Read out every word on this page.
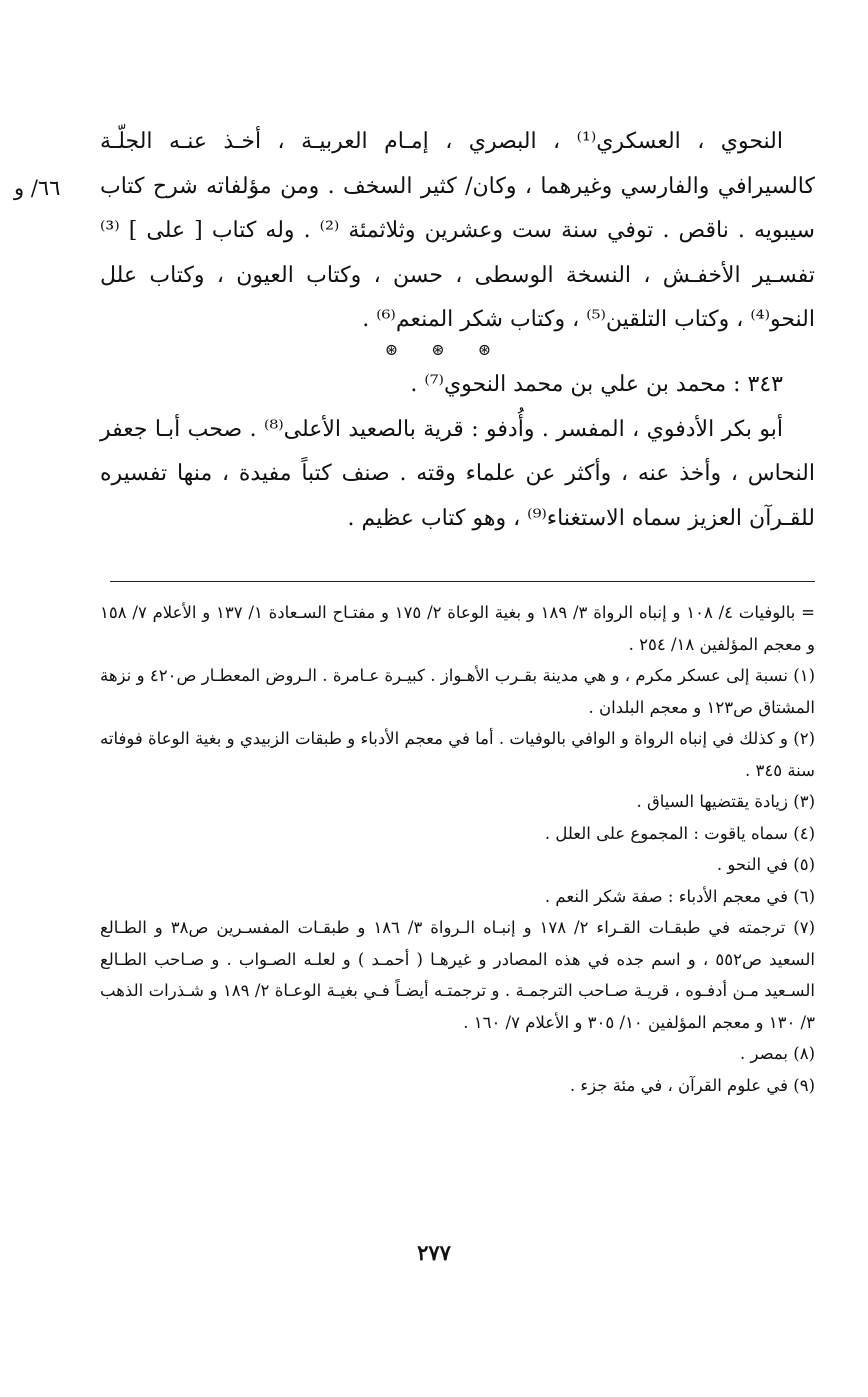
٦٦/ و

النحوي ، العسكري⁽¹⁾ ، البصري ، إمـام العربيـة ، أخـذ عنـه الجلّـة كالسيرافي والفارسي وغيرهما ، وكان/ كثير السخف . ومن مؤلفاته شرح كتاب سيبويه . ناقص . توفي سنة ست وعشرين وثلاثمئة ⁽²⁾ . وله كتاب [ على ] ⁽³⁾ تفسـير الأخفـش ، النسخة الوسطى ، حسن ، وكتاب العيون ، وكتاب علل النحو⁽⁴⁾ ، وكتاب التلقين⁽⁵⁾ ، وكتاب شكر المنعم⁽⁶⁾ .

⊛ ⊛ ⊛

٣٤٣ : محمد بن علي بن محمد النحوي⁽⁷⁾ .

أبو بكر الأدفوي ، المفسر . وأُدفو : قرية بالصعيد الأعلى⁽⁸⁾ . صحب أبـا جعفر النحاس ، وأخذ عنه ، وأكثر عن علماء وقته . صنف كتباً مفيدة ، منها تفسيره للقـرآن العزيز سماه الاستغناء⁽⁹⁾ ، وهو كتاب عظيم .

= بالوفيات ٤/ ١٠٨ و إنباه الرواة ٣/ ١٨٩ و بغية الوعاة ٢/ ١٧٥ و مفتـاح السـعادة ١/ ١٣٧ و الأعلام ٧/ ١٥٨ و معجم المؤلفين ١٨/ ٢٥٤ .

(١) نسبة إلى عسكر مكرم ، و هي مدينة بقـرب الأهـواز . كبيـرة عـامرة . الـروض المعطـار ص٤٢٠ و نزهة المشتاق ص١٢٣ و معجم البلدان .

(٢) و كذلك في إنباه الرواة و الوافي بالوفيات . أما في معجم الأدباء و طبقات الزبيدي و بغية الوعاة فوفاته سنة ٣٤٥ .

(٣) زيادة يقتضيها السياق .

(٤) سماه ياقوت : المجموع على العلل .

(٥) في النحو .

(٦) في معجم الأدباء : صفة شكر النعم .

(٧) ترجمته في طبقـات القـراء ٢/ ١٧٨ و إنبـاه الـرواة ٣/ ١٨٦ و طبقـات المفسـرين ص٣٨ و الطـالع السعيد ص٥٥٢ ، و اسم جده في هذه المصادر و غيرهـا ( أحمـد ) و لعلـه الصـواب . و صـاحب الطـالع السـعيد مـن أدفـوه ، قريـة صـاحب الترجمـة . و ترجمتـه أيضـاً فـي بغيـة الوعـاة ٢/ ١٨٩ و شـذرات الذهب ٣/ ١٣٠ و معجم المؤلفين ١٠/ ٣٠٥ و الأعلام ٧/ ١٦٠ .

(٨) بمصر .

(٩) في علوم القرآن ، في مئة جزء .

٢٧٧
